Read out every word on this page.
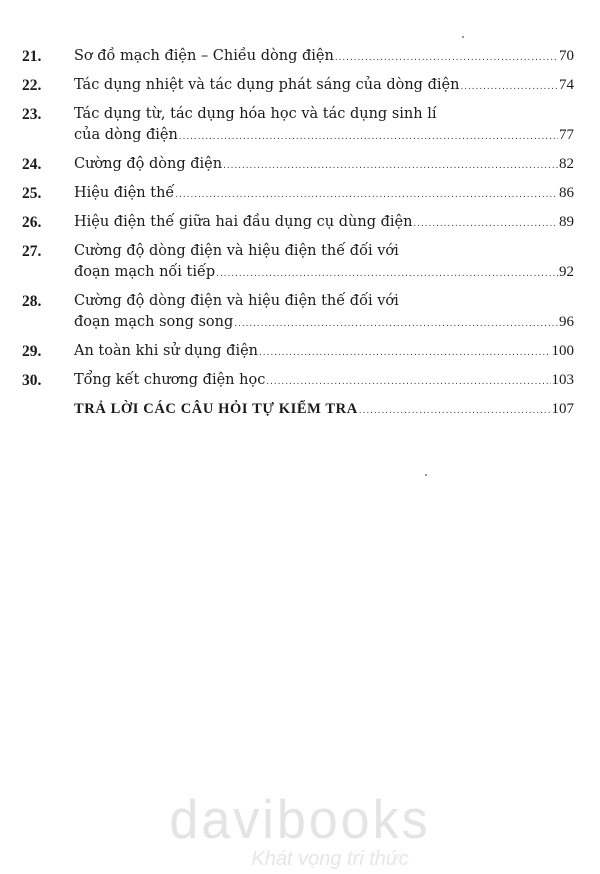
21.	Sơ đồ mạch điện – Chiều dòng điện .....	70
22.	Tác dụng nhiệt và tác dụng phát sáng của dòng điện .....	74
23.	Tác dụng từ, tác dụng hóa học và tác dụng sinh lí
của dòng điện .....	77
24.	Cường độ dòng điện .....	82
25.	Hiệu điện thế .....	86
26.	Hiệu điện thế giữa hai đầu dụng cụ dùng điện .....	89
27.	Cường độ dòng điện và hiệu điện thế đối với
đoạn mạch nối tiếp .....	92
28.	Cường độ dòng điện và hiệu điện thế đối với
đoạn mạch song song .....	96
29.	An toàn khi sử dụng điện .....	100
30.	Tổng kết chương điện học .....	103
TRẢ LỜI CÁC CÂU HỎI TỰ KIỂM TRA .....	107
davibooks
Khát vọng tri thức
